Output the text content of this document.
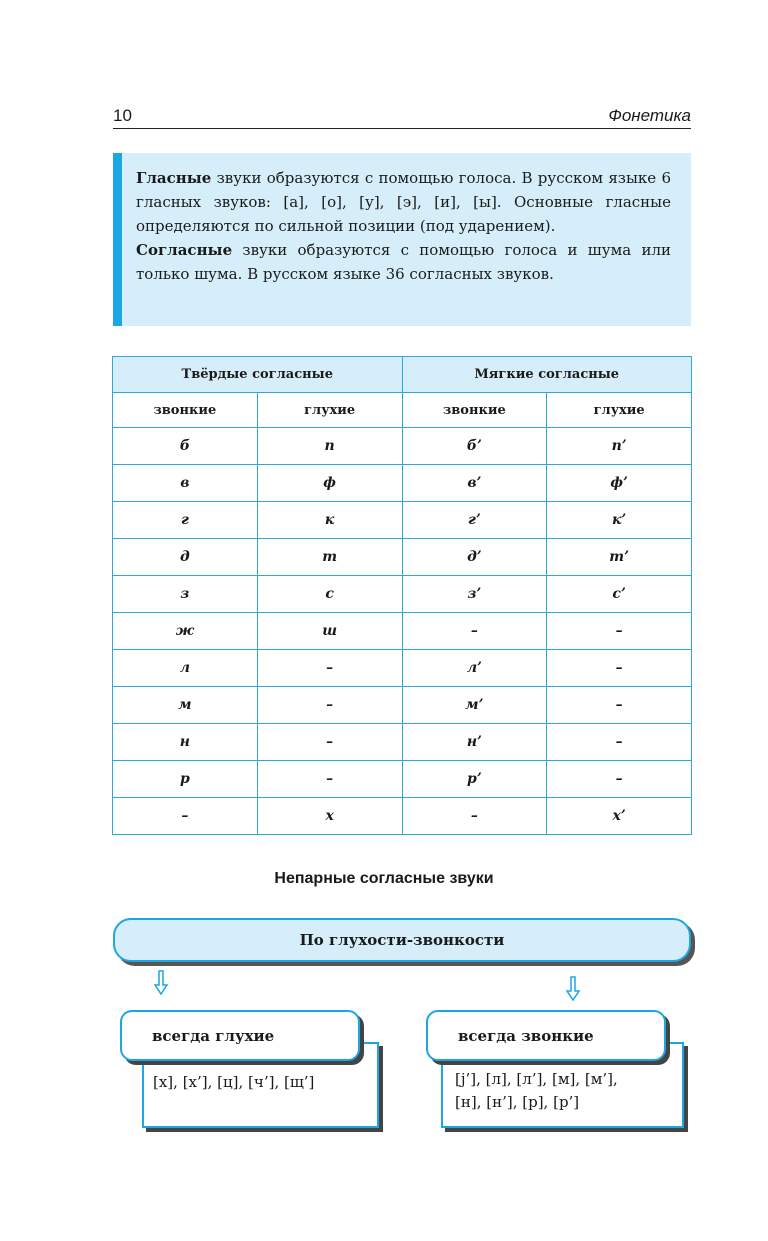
10	Фонетика

Гласные звуки образуются с помощью голоса. В русском языке 6 гласных звуков: [а], [о], [у], [э], [и], [ы]. Основные гласные определяются по сильной позиции (под ударением).

Согласные звуки образуются с помощью голоса и шума или только шума. В русском языке 36 согласных звуков.

Твёрдые согласные		Мягкие согласные	
звонкие	глухие	звонкие	глухие
б	п	б’	п’
в	ф	в’	ф’
г	к	г’	к’
д	т	д’	т’
з	с	з’	с’
ж	ш	–	–
л	–	л’	–
м	–	м’	–
н	–	н’	–
р	–	р’	–
–	х	–	х’
Непарные согласные звуки
По глухости-звонкости
[х], [х’], [ц], [ч’], [щ’]
всегда глухие
[j’], [л], [л’], [м], [м’],
[н], [н’], [р], [р’]
всегда звонкие
